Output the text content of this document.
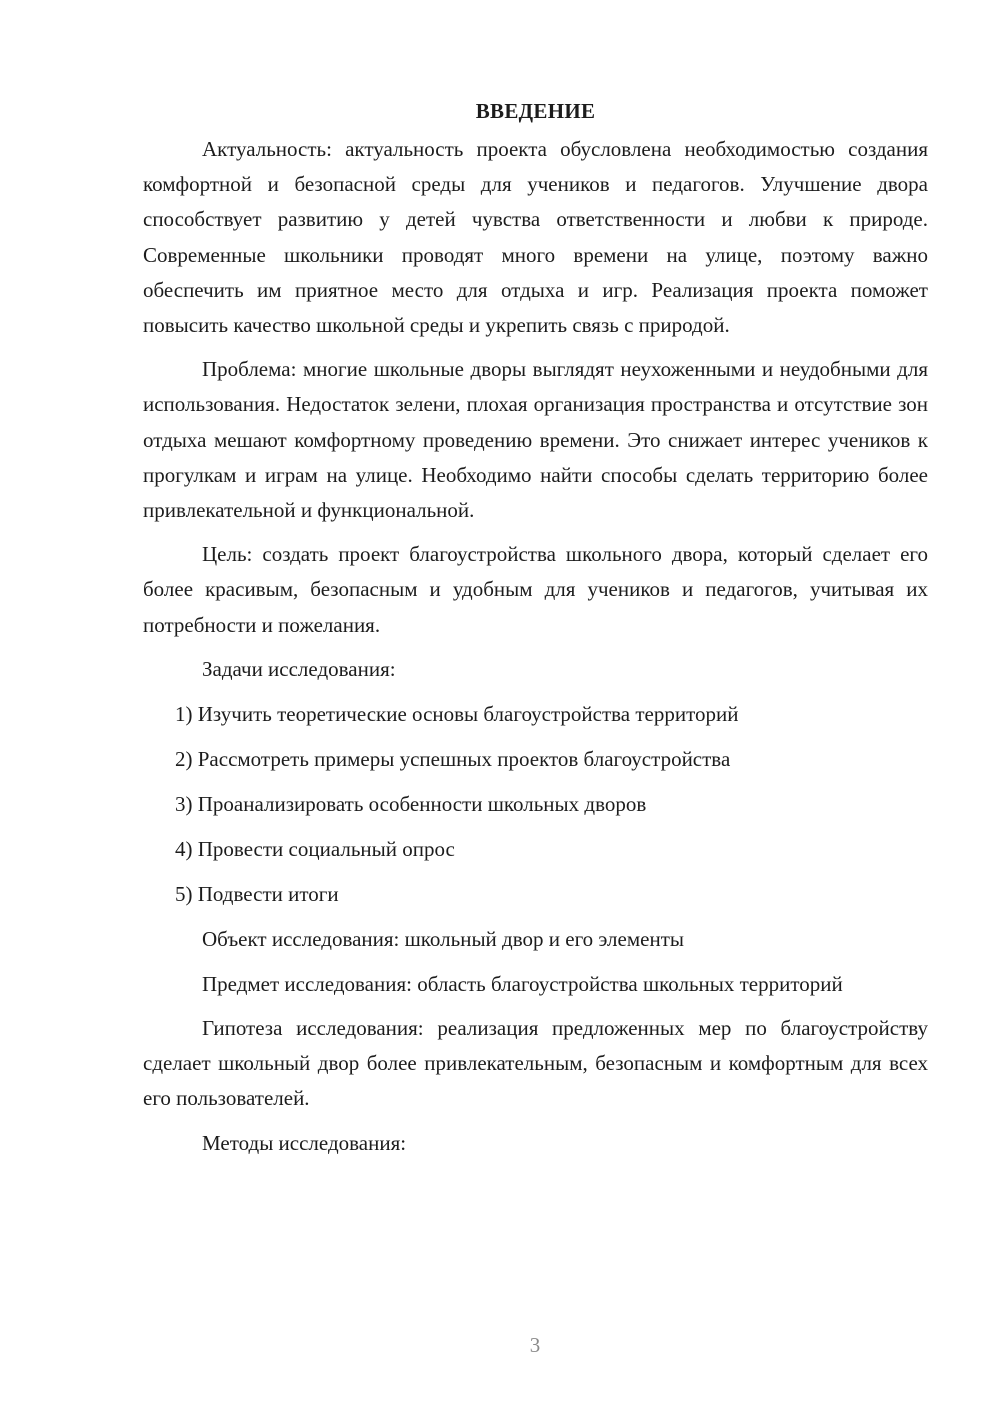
ВВЕДЕНИЕ

Актуальность: актуальность проекта обусловлена необходимостью создания комфортной и безопасной среды для учеников и педагогов. Улучшение двора способствует развитию у детей чувства ответственности и любви к природе. Современные школьники проводят много времени на улице, поэтому важно обеспечить им приятное место для отдыха и игр. Реализация проекта поможет повысить качество школьной среды и укрепить связь с природой.

Проблема: многие школьные дворы выглядят неухоженными и неудобными для использования. Недостаток зелени, плохая организация пространства и отсутствие зон отдыха мешают комфортному проведению времени. Это снижает интерес учеников к прогулкам и играм на улице. Необходимо найти способы сделать территорию более привлекательной и функциональной.

Цель: создать проект благоустройства школьного двора, который сделает его более красивым, безопасным и удобным для учеников и педагогов, учитывая их потребности и пожелания.

Задачи исследования:

1) Изучить теоретические основы благоустройства территорий

2) Рассмотреть примеры успешных проектов благоустройства

3) Проанализировать особенности школьных дворов

4) Провести социальный опрос

5) Подвести итоги

Объект исследования: школьный двор и его элементы

Предмет исследования: область благоустройства школьных территорий

Гипотеза исследования: реализация предложенных мер по благоустройству сделает школьный двор более привлекательным, безопасным и комфортным для всех его пользователей.

Методы исследования:

3
